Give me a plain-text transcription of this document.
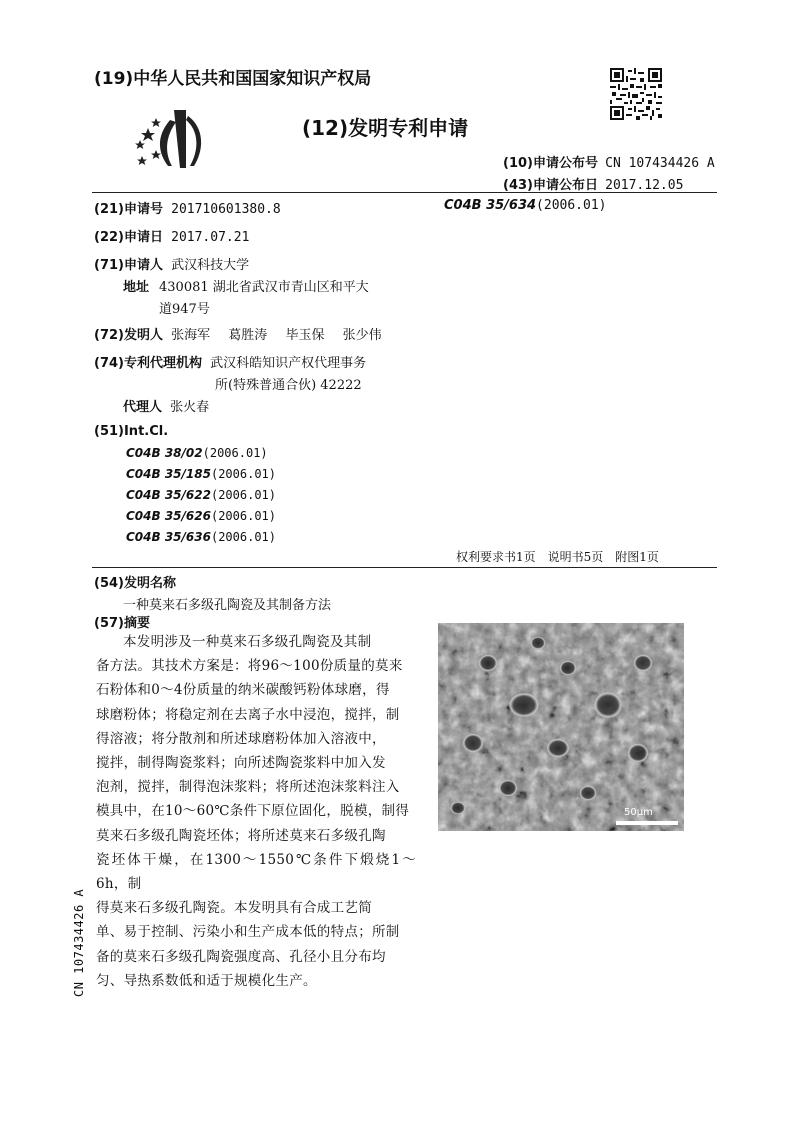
(19)中华人民共和国国家知识产权局
(12)发明专利申请
(10)申请公布号 CN 107434426 A
(43)申请公布日 2017.12.05
(21)申请号 201710601380.8	C04B 35/634(2006.01)
(22)申请日 2017.07.21
(71)申请人 武汉科技大学
地址 430081 湖北省武汉市青山区和平大
道947号
(72)发明人 张海军 葛胜涛 毕玉保 张少伟
(74)专利代理机构 武汉科皓知识产权代理事务
所(特殊普通合伙) 42222
代理人 张火春
(51)Int.Cl.
C04B 38/02(2006.01)
C04B 35/185(2006.01)
C04B 35/622(2006.01)
C04B 35/626(2006.01)
C04B 35/636(2006.01)
权利要求书1页　说明书5页　附图1页
(54)发明名称
一种莫来石多级孔陶瓷及其制备方法
(57)摘要
本发明涉及一种莫来石多级孔陶瓷及其制
备方法。其技术方案是：将96～100份质量的莫来
石粉体和0～4份质量的纳米碳酸钙粉体球磨，得
球磨粉体；将稳定剂在去离子水中浸泡，搅拌，制
得溶液；将分散剂和所述球磨粉体加入溶液中，
搅拌，制得陶瓷浆料；向所述陶瓷浆料中加入发
泡剂，搅拌，制得泡沫浆料；将所述泡沫浆料注入
模具中，在10～60℃条件下原位固化，脱模，制得
莫来石多级孔陶瓷坯体；将所述莫来石多级孔陶
瓷坯体干燥，在1300～1550℃条件下煅烧1～6h，制
得莫来石多级孔陶瓷。本发明具有合成工艺简
单、易于控制、污染小和生产成本低的特点；所制
备的莫来石多级孔陶瓷强度高、孔径小且分布均
匀、导热系数低和适于规模化生产。
50μm
CN 107434426 A
